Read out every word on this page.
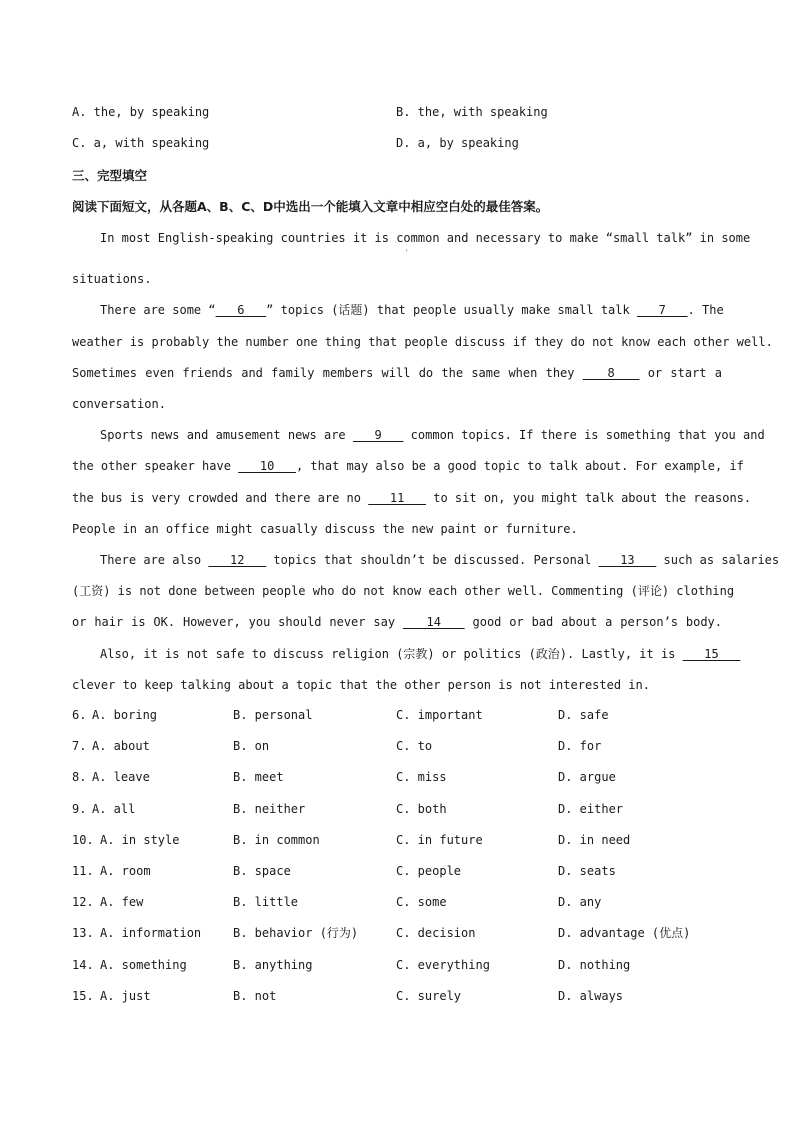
A. the, by speaking	B. the, with speaking
C. a, with speaking	D. a, by speaking
三、完型填空
阅读下面短文，从各题A、B、C、D中选出一个能填入文章中相应空白处的最佳答案。
In most English-speaking countries it is common and necessary to make “small talk” in some
'
situations.
There are some “   6   ” topics (话题) that people usually make small talk    7   . The
weather is probably the number one thing that people discuss if they do not know each other well.
Sometimes even friends and family members will do the same when they    8    or start a
conversation.
Sports news and amusement news are    9    common topics. If there is something that you and
the other speaker have    10   , that may also be a good topic to talk about. For example, if
the bus is very crowded and there are no    11    to sit on, you might talk about the reasons.
People in an office might casually discuss the new paint or furniture.
There are also    12    topics that shouldn’t be discussed. Personal    13    such as salaries
(工资) is not done between people who do not know each other well. Commenting (评论) clothing
or hair is OK. However, you should never say    14    good or bad about a person’s body.
Also, it is not safe to discuss religion (宗教) or politics (政治). Lastly, it is    15
clever to keep talking about a topic that the other person is not interested in.
6. A. boring	B. personal	C. important	D. safe
7. A. about	B. on	C. to	D. for
8. A. leave	B. meet	C. miss	D. argue
9. A. all	B. neither	C. both	D. either
10. A. in style	B. in common	C. in future	D. in need
11. A. room	B. space	C. people	D. seats
12. A. few	B. little	C. some	D. any
13. A. information	B. behavior (行为)	C. decision	D. advantage (优点)
14. A. something	B. anything	C. everything	D. nothing
15. A. just	B. not	C. surely	D. always
